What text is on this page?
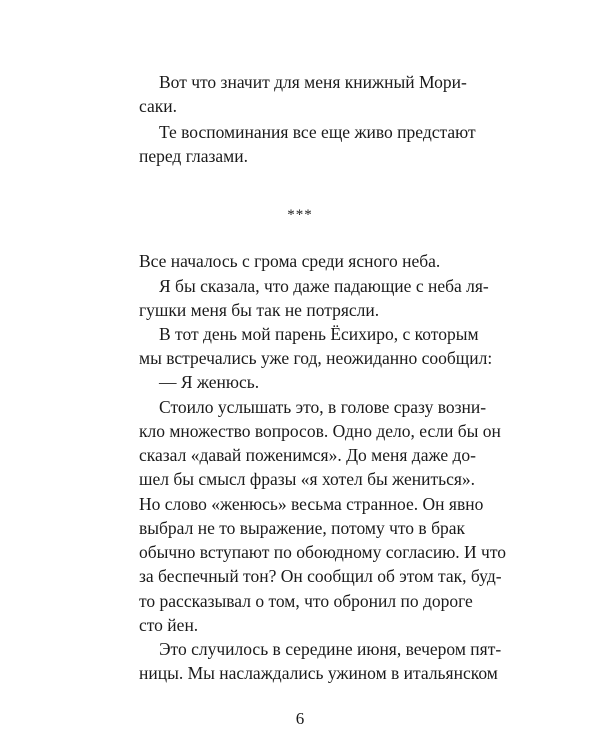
Вот что значит для меня книжный Мори-
саки.
Те воспоминания все еще живо предстают
перед глазами.
***
Все началось с грома среди ясного неба.
Я бы сказала, что даже падающие с неба ля-
гушки меня бы так не потрясли.
В тот день мой парень Ёсихиро, с которым
мы встречались уже год, неожиданно сообщил:
— Я женюсь.
Стоило услышать это, в голове сразу возни-
кло множество вопросов. Одно дело, если бы он
сказал «давай поженимся». До меня даже до-
шел бы смысл фразы «я хотел бы жениться».
Но слово «женюсь» весьма странное. Он явно
выбрал не то выражение, потому что в брак
обычно вступают по обоюдному согласию. И что
за беспечный тон? Он сообщил об этом так, буд-
то рассказывал о том, что обронил по дороге
сто йен.
Это случилось в середине июня, вечером пят-
ницы. Мы наслаждались ужином в итальянском
6
